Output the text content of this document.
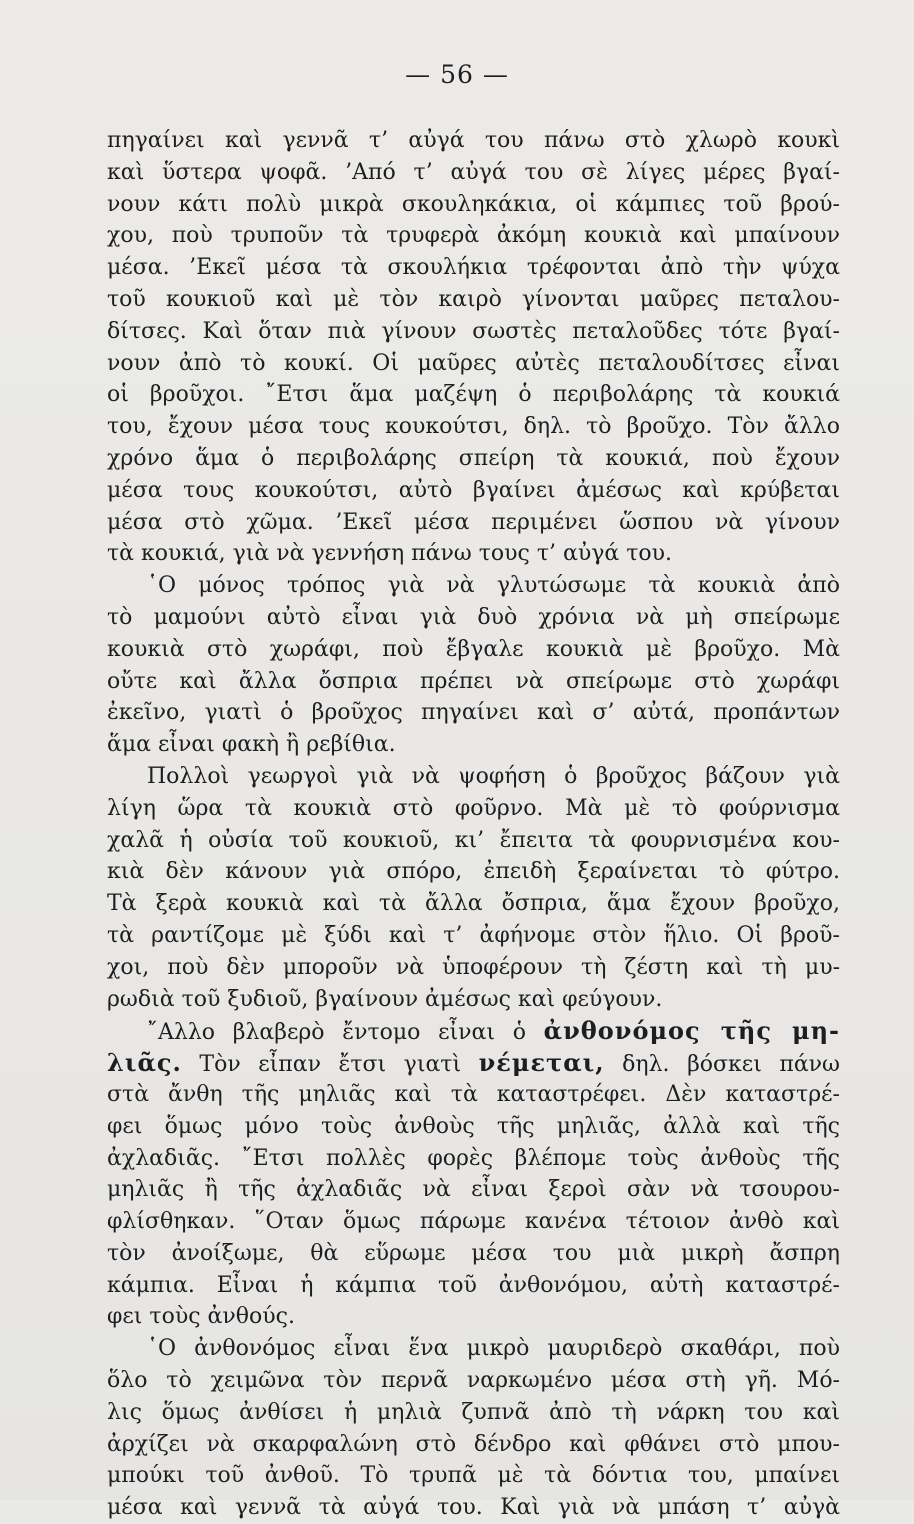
— 56 —
πηγαίνει καὶ γεννᾶ τ’ αὐγά του πάνω στὸ χλωρὸ κουκὶ
καὶ ὕστερα ψοφᾶ. ’Από τ’ αὐγά του σὲ λίγες μέρες βγαί-
νουν κάτι πολὺ μικρὰ σκουληκάκια, οἱ κάμπιες τοῦ βρού-
χου, ποὺ τρυποῦν τὰ τρυφερὰ ἀκόμη κουκιὰ καὶ μπαίνουν
μέσα. ’Εκεῖ μέσα τὰ σκουλήκια τρέφονται ἀπὸ τὴν ψύχα
τοῦ κουκιοῦ καὶ μὲ τὸν καιρὸ γίνονται μαῦρες πεταλου-
δίτσες. Καὶ ὅταν πιὰ γίνουν σωστὲς πεταλοῦδες τότε βγαί-
νουν ἀπὸ τὸ κουκί. Οἱ μαῦρες αὐτὲς πεταλουδίτσες εἶναι
οἱ βροῦχοι. ῎Ετσι ἅμα μαζέψη ὁ περιβολάρης τὰ κουκιά
του, ἔχουν μέσα τους κουκούτσι, δηλ. τὸ βροῦχο. Τὸν ἄλλο
χρόνο ἅμα ὁ περιβολάρης σπείρη τὰ κουκιά, ποὺ ἔχουν
μέσα τους κουκούτσι, αὐτὸ βγαίνει ἀμέσως καὶ κρύβεται
μέσα στὸ χῶμα. ’Εκεῖ μέσα περιμένει ὥσπου νὰ γίνουν
τὰ κουκιά, γιὰ νὰ γεννήση πάνω τους τ’ αὐγά του.
῾Ο μόνος τρόπος γιὰ νὰ γλυτώσωμε τὰ κουκιὰ ἀπὸ
τὸ μαμούνι αὐτὸ εἶναι γιὰ δυὸ χρόνια νὰ μὴ σπείρωμε
κουκιὰ στὸ χωράφι, ποὺ ἔβγαλε κουκιὰ μὲ βροῦχο. Μὰ
οὔτε καὶ ἄλλα ὄσπρια πρέπει νὰ σπείρωμε στὸ χωράφι
ἐκεῖνο, γιατὶ ὁ βροῦχος πηγαίνει καὶ σ’ αὐτά, προπάντων
ἅμα εἶναι φακὴ ἢ ρεβίθια.
Πολλοὶ γεωργοὶ γιὰ νὰ ψοφήση ὁ βροῦχος βάζουν γιὰ
λίγη ὥρα τὰ κουκιὰ στὸ φοῦρνο. Μὰ μὲ τὸ φούρνισμα
χαλᾶ ἡ οὐσία τοῦ κουκιοῦ, κι’ ἔπειτα τὰ φουρνισμένα κου-
κιὰ δὲν κάνουν γιὰ σπόρο, ἐπειδὴ ξεραίνεται τὸ φύτρο.
Τὰ ξερὰ κουκιὰ καὶ τὰ ἄλλα ὄσπρια, ἅμα ἔχουν βροῦχο,
τὰ ραντίζομε μὲ ξύδι καὶ τ’ ἀφήνομε στὸν ἥλιο. Οἱ βροῦ-
χοι, ποὺ δὲν μποροῦν νὰ ὑποφέρουν τὴ ζέστη καὶ τὴ μυ-
ρωδιὰ τοῦ ξυδιοῦ, βγαίνουν ἀμέσως καὶ φεύγουν.
῎Αλλο βλαβερὸ ἔντομο εἶναι ὁ ἀνθονόμος τῆς μη-
λιᾶς. Τὸν εἶπαν ἔτσι γιατὶ νέμεται, δηλ. βόσκει πάνω
στὰ ἄνθη τῆς μηλιᾶς καὶ τὰ καταστρέφει. Δὲν καταστρέ-
φει ὅμως μόνο τοὺς ἀνθοὺς τῆς μηλιᾶς, ἀλλὰ καὶ τῆς
ἀχλαδιᾶς. ῎Ετσι πολλὲς φορὲς βλέπομε τοὺς ἀνθοὺς τῆς
μηλιᾶς ἢ τῆς ἀχλαδιᾶς νὰ εἶναι ξεροὶ σὰν νὰ τσουρου-
φλίσθηκαν. ῞Οταν ὅμως πάρωμε κανένα τέτοιον ἀνθὸ καὶ
τὸν ἀνοίξωμε, θὰ εὕρωμε μέσα του μιὰ μικρὴ ἄσπρη
κάμπια. Εἶναι ἡ κάμπια τοῦ ἀνθονόμου, αὐτὴ καταστρέ-
φει τοὺς ἀνθούς.
῾Ο ἀνθονόμος εἶναι ἕνα μικρὸ μαυριδερὸ σκαθάρι, ποὺ
ὅλο τὸ χειμῶνα τὸν περνᾶ ναρκωμένο μέσα στὴ γῆ. Μό-
λις ὅμως ἀνθίσει ἡ μηλιὰ ζυπνᾶ ἀπὸ τὴ νάρκη του καὶ
ἀρχίζει νὰ σκαρφαλώνη στὸ δένδρο καὶ φθάνει στὸ μπου-
μπούκι τοῦ ἀνθοῦ. Τὸ τρυπᾶ μὲ τὰ δόντια του, μπαίνει
μέσα καὶ γεννᾶ τὰ αὐγά του. Καὶ γιὰ νὰ μπάση τ’ αὐγὰ
